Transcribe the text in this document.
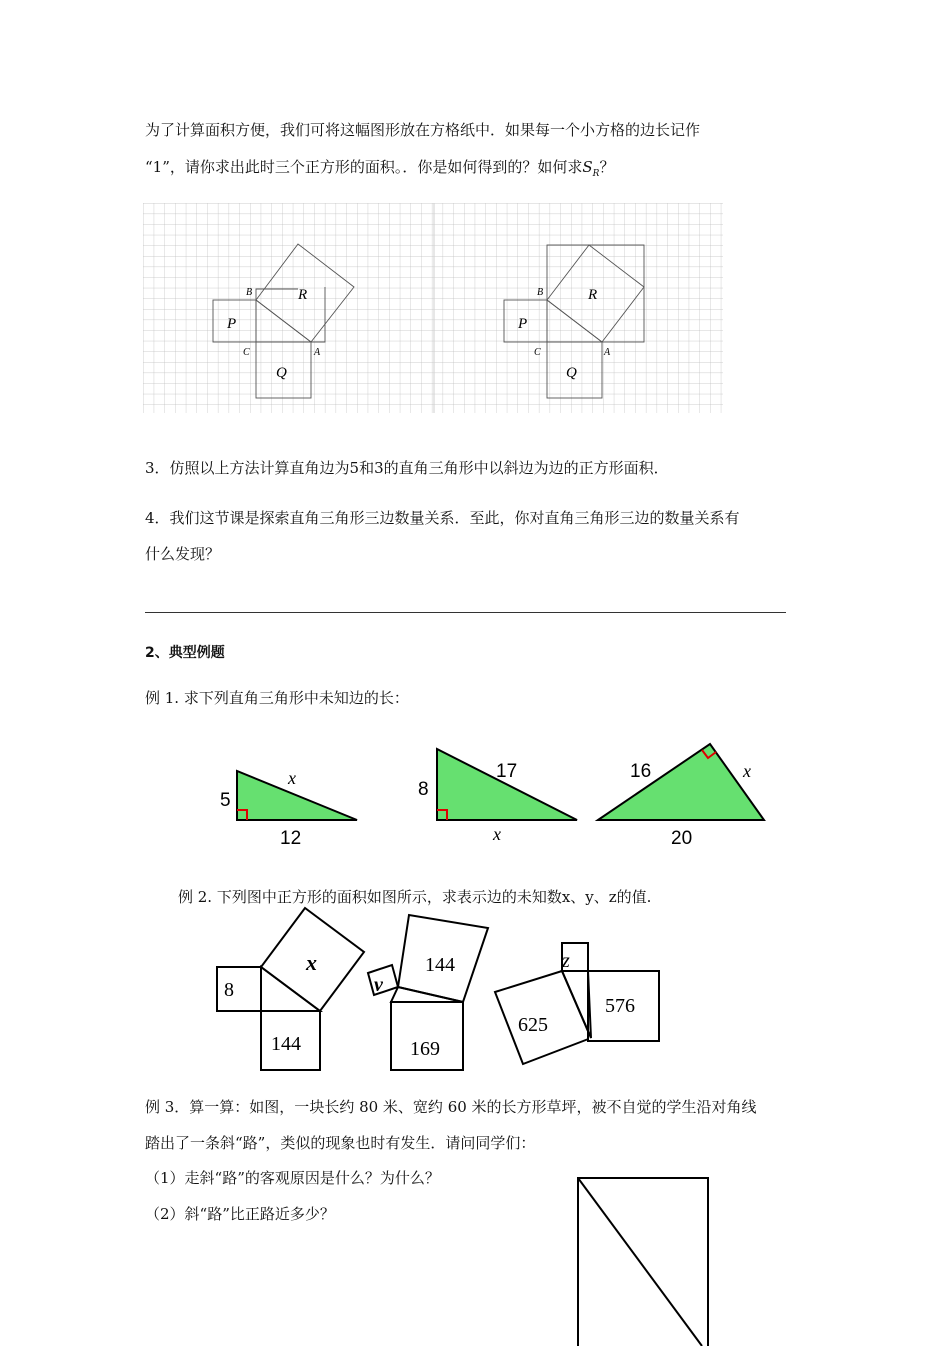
为了计算面积方便，我们可将这幅图形放在方格纸中．如果每一个小方格的边长记作
“1”，请你求出此时三个正方形的面积。．你是如何得到的？如何求$S_R$？
B
C	A
P
Q
R	B
C	A
P
Q
R
3．仿照以上方法计算直角边为5和3的直角三角形中以斜边为边的正方形面积．
4．我们这节课是探索直角三角形三边数量关系．至此，你对直角三角形三边的数量关系有
什么发现？
2、典型例题
例 1. 求下列直角三角形中未知边的长：
5
12
x
8
17
x
16	x
20
例 2. 下列图中正方形的面积如图所示，求表示边的未知数x、y、z的值.
8
x
144
v
144
169
z
625
576
例 3．算一算：如图，一块长约 80 米、宽约 60 米的长方形草坪，被不自觉的学生沿对角线
踏出了一条斜“路”，类似的现象也时有发生．请问同学们：
（1）走斜“路”的客观原因是什么？为什么？
（2）斜“路”比正路近多少？
